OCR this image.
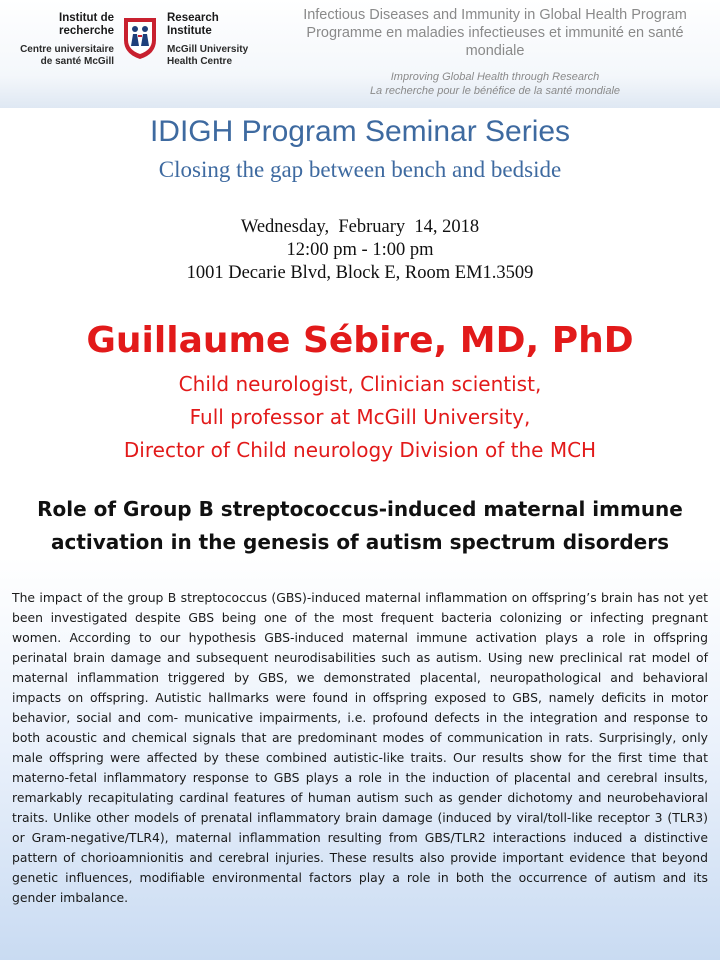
Institut de
recherche
Centre universitaire
de santé McGill
Research
Institute
McGill University
Health Centre
Infectious Diseases and Immunity in Global Health Program
Programme en maladies infectieuses et immunité en santé mondiale
Improving Global Health through Research
La recherche pour le bénéfice de la santé mondiale
IDIGH Program Seminar Series
Closing the gap between bench and bedside
Wednesday,  February  14, 2018
12:00 pm - 1:00 pm
1001 Decarie Blvd, Block E, Room EM1.3509
Guillaume Sébire, MD, PhD
Child neurologist, Clinician scientist,
Full professor at McGill University,
Director of Child neurology Division of the MCH
Role of Group B streptococcus-induced maternal immune
activation in the genesis of autism spectrum disorders
The impact of the group B streptococcus (GBS)-induced maternal inflammation on offspring’s brain has not yet been investigated despite GBS being one of the most frequent bacteria colonizing or infecting pregnant women. According to our hypothesis GBS-induced maternal immune activation plays a role in offspring perinatal brain damage and subsequent neurodisabilities such as autism. Using new preclinical rat model of maternal inflammation triggered by GBS, we demonstrated placental, neuropathological and behavioral impacts on offspring. Autistic hallmarks were found in offspring exposed to GBS, namely deficits in motor behavior, social and com- municative impairments, i.e. profound defects in the integration and response to both acoustic and chemical signals that are predominant modes of communication in rats. Surprisingly, only male offspring were affected by these combined autistic-like traits. Our results show for the first time that materno-fetal inflammatory response to GBS plays a role in the induction of placental and cerebral insults, remarkably recapitulating cardinal features of human autism such as gender dichotomy and neurobehavioral traits. Unlike other models of prenatal inflammatory brain damage (induced by viral/toll-like receptor 3 (TLR3) or Gram-negative/TLR4), maternal inflammation resulting from GBS/TLR2 interactions induced a distinctive pattern of chorioamnionitis and cerebral injuries. These results also provide important evidence that beyond genetic influences, modifiable environmental factors play a role in both the occurrence of autism and its gender imbalance.
